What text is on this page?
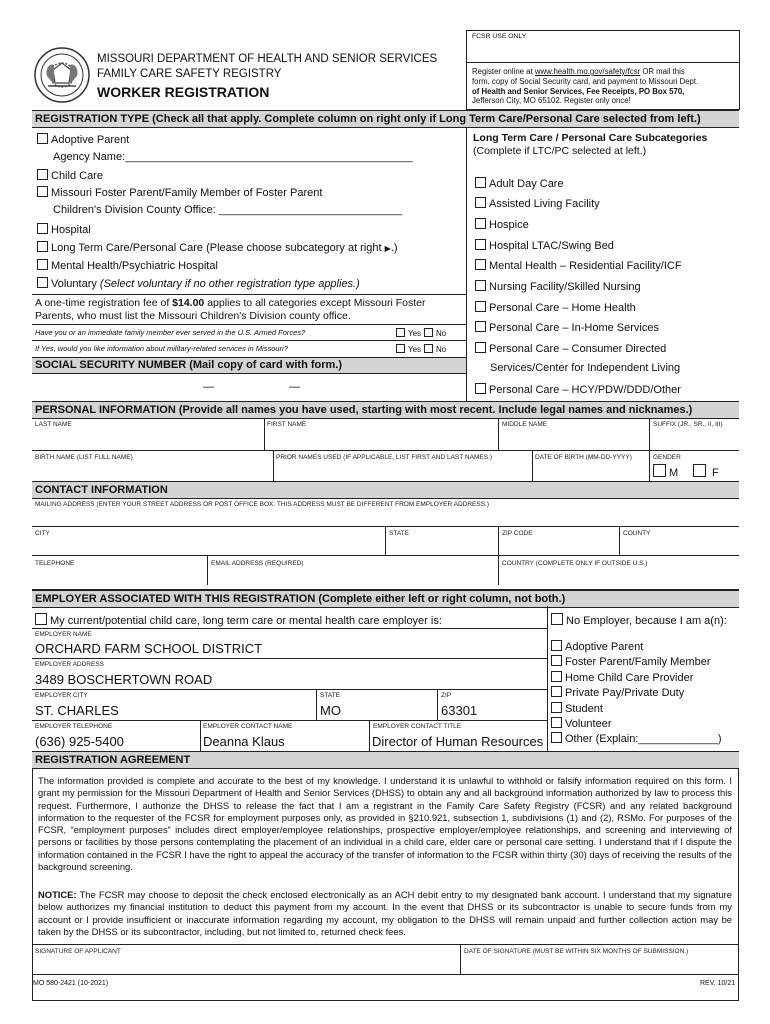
MISSOURI DEPARTMENT OF HEALTH AND SENIOR SERVICES
FAMILY CARE SAFETY REGISTRY
WORKER REGISTRATION
FCSR USE ONLY
Register online at www.health.mo.gov/safety/fcsr OR mail this
form, copy of Social Security card, and payment to Missouri Dept.
of Health and Senior Services, Fee Receipts, PO Box 570,
Jefferson City, MO 65102. Register only once!
REGISTRATION TYPE (Check all that apply. Complete column on right only if Long Term Care/Personal Care selected from left.)
Adoptive Parent
Agency Name:_______________________________________________
Child Care
Missouri Foster Parent/Family Member of Foster Parent
Children's Division County Office: ______________________________
Hospital
Long Term Care/Personal Care (Please choose subcategory at right ▶.)
Mental Health/Psychiatric Hospital
Voluntary (Select voluntary if no other registration type applies.)
A one-time registration fee of $14.00 applies to all categories except Missouri Foster
Parents, who must list the Missouri Children's Division county office.
Have you or an immediate family member ever served in the U.S. Armed Forces?	Yes	No
If Yes, would you like information about military-related services in Missouri?	Yes	No
SOCIAL SECURITY NUMBER (Mail copy of card with form.)
—	—
Long Term Care / Personal Care Subcategories
(Complete if LTC/PC selected at left.)
Adult Day Care
Assisted Living Facility
Hospice
Hospital LTAC/Swing Bed
Mental Health – Residential Facility/ICF
Nursing Facility/Skilled Nursing
Personal Care – Home Health
Personal Care – In-Home Services
Personal Care – Consumer Directed
Personal Care – HCY/PDW/DDD/Other
Services/Center for Independent Living
PERSONAL INFORMATION (Provide all names you have used, starting with most recent. Include legal names and nicknames.)
LAST NAME	FIRST NAME	MIDDLE NAME	SUFFIX (JR., SR., II, III)
BIRTH NAME (LIST FULL NAME)	PRIOR NAMES USED (IF APPLICABLE, LIST FIRST AND LAST NAMES.)	DATE OF BIRTH (MM-DD-YYYY)	GENDER
M	F
CONTACT INFORMATION
MAILING ADDRESS (ENTER YOUR STREET ADDRESS OR POST OFFICE BOX. THIS ADDRESS MUST BE DIFFERENT FROM EMPLOYER ADDRESS.)
CITY	STATE	ZIP CODE	COUNTY
TELEPHONE	EMAIL ADDRESS (REQUIRED)	COUNTRY (COMPLETE ONLY IF OUTSIDE U.S.)
EMPLOYER ASSOCIATED WITH THIS REGISTRATION (Complete either left or right column, not both.)
My current/potential child care, long term care or mental health care employer is:	No Employer, because I am a(n):
EMPLOYER NAME
ORCHARD FARM SCHOOL DISTRICT
EMPLOYER ADDRESS
3489 BOSCHERTOWN ROAD
EMPLOYER CITY
ST. CHARLES
STATE
MO
ZIP
63301
EMPLOYER TELEPHONE
(636) 925-5400
EMPLOYER CONTACT NAME
Deanna Klaus
EMPLOYER CONTACT TITLE
Director of Human Resources
Adoptive Parent
Foster Parent/Family Member
Home Child Care Provider
Private Pay/Private Duty
Student
Volunteer
Other (Explain:_____________)
REGISTRATION AGREEMENT
The information provided is complete and accurate to the best of my knowledge. I understand it is unlawful to withhold or falsify information required on this form. I grant my permission for the Missouri Department of Health and Senior Services (DHSS) to obtain any and all background information authorized by law to process this request. Furthermore, I authorize the DHSS to release the fact that I am a registrant in the Family Care Safety Registry (FCSR) and any related background information to the requester of the FCSR for employment purposes only, as provided in §210.921, subsection 1, subdivisions (1) and (2), RSMo. For purposes of the FCSR, “employment purposes” includes direct employer/employee relationships, prospective employer/employee relationships, and screening and interviewing of persons or facilities by those persons contemplating the placement of an individual in a child care, elder care or personal care setting. I understand that if I dispute the information contained in the FCSR I have the right to appeal the accuracy of the transfer of information to the FCSR within thirty (30) days of receiving the results of the background screening.
NOTICE: The FCSR may choose to deposit the check enclosed electronically as an ACH debit entry to my designated bank account. I understand that my signature below authorizes my financial institution to deduct this payment from my account. In the event that DHSS or its subcontractor is unable to secure funds from my account or I provide insufficient or inaccurate information regarding my account, my obligation to the DHSS will remain unpaid and further collection action may be taken by the DHSS or its subcontractor, including, but not limited to, returned check fees.
SIGNATURE OF APPLICANT	DATE OF SIGNATURE (MUST BE WITHIN SIX MONTHS OF SUBMISSION.)
MO 580-2421 (10-2021)	REV. 10/21
